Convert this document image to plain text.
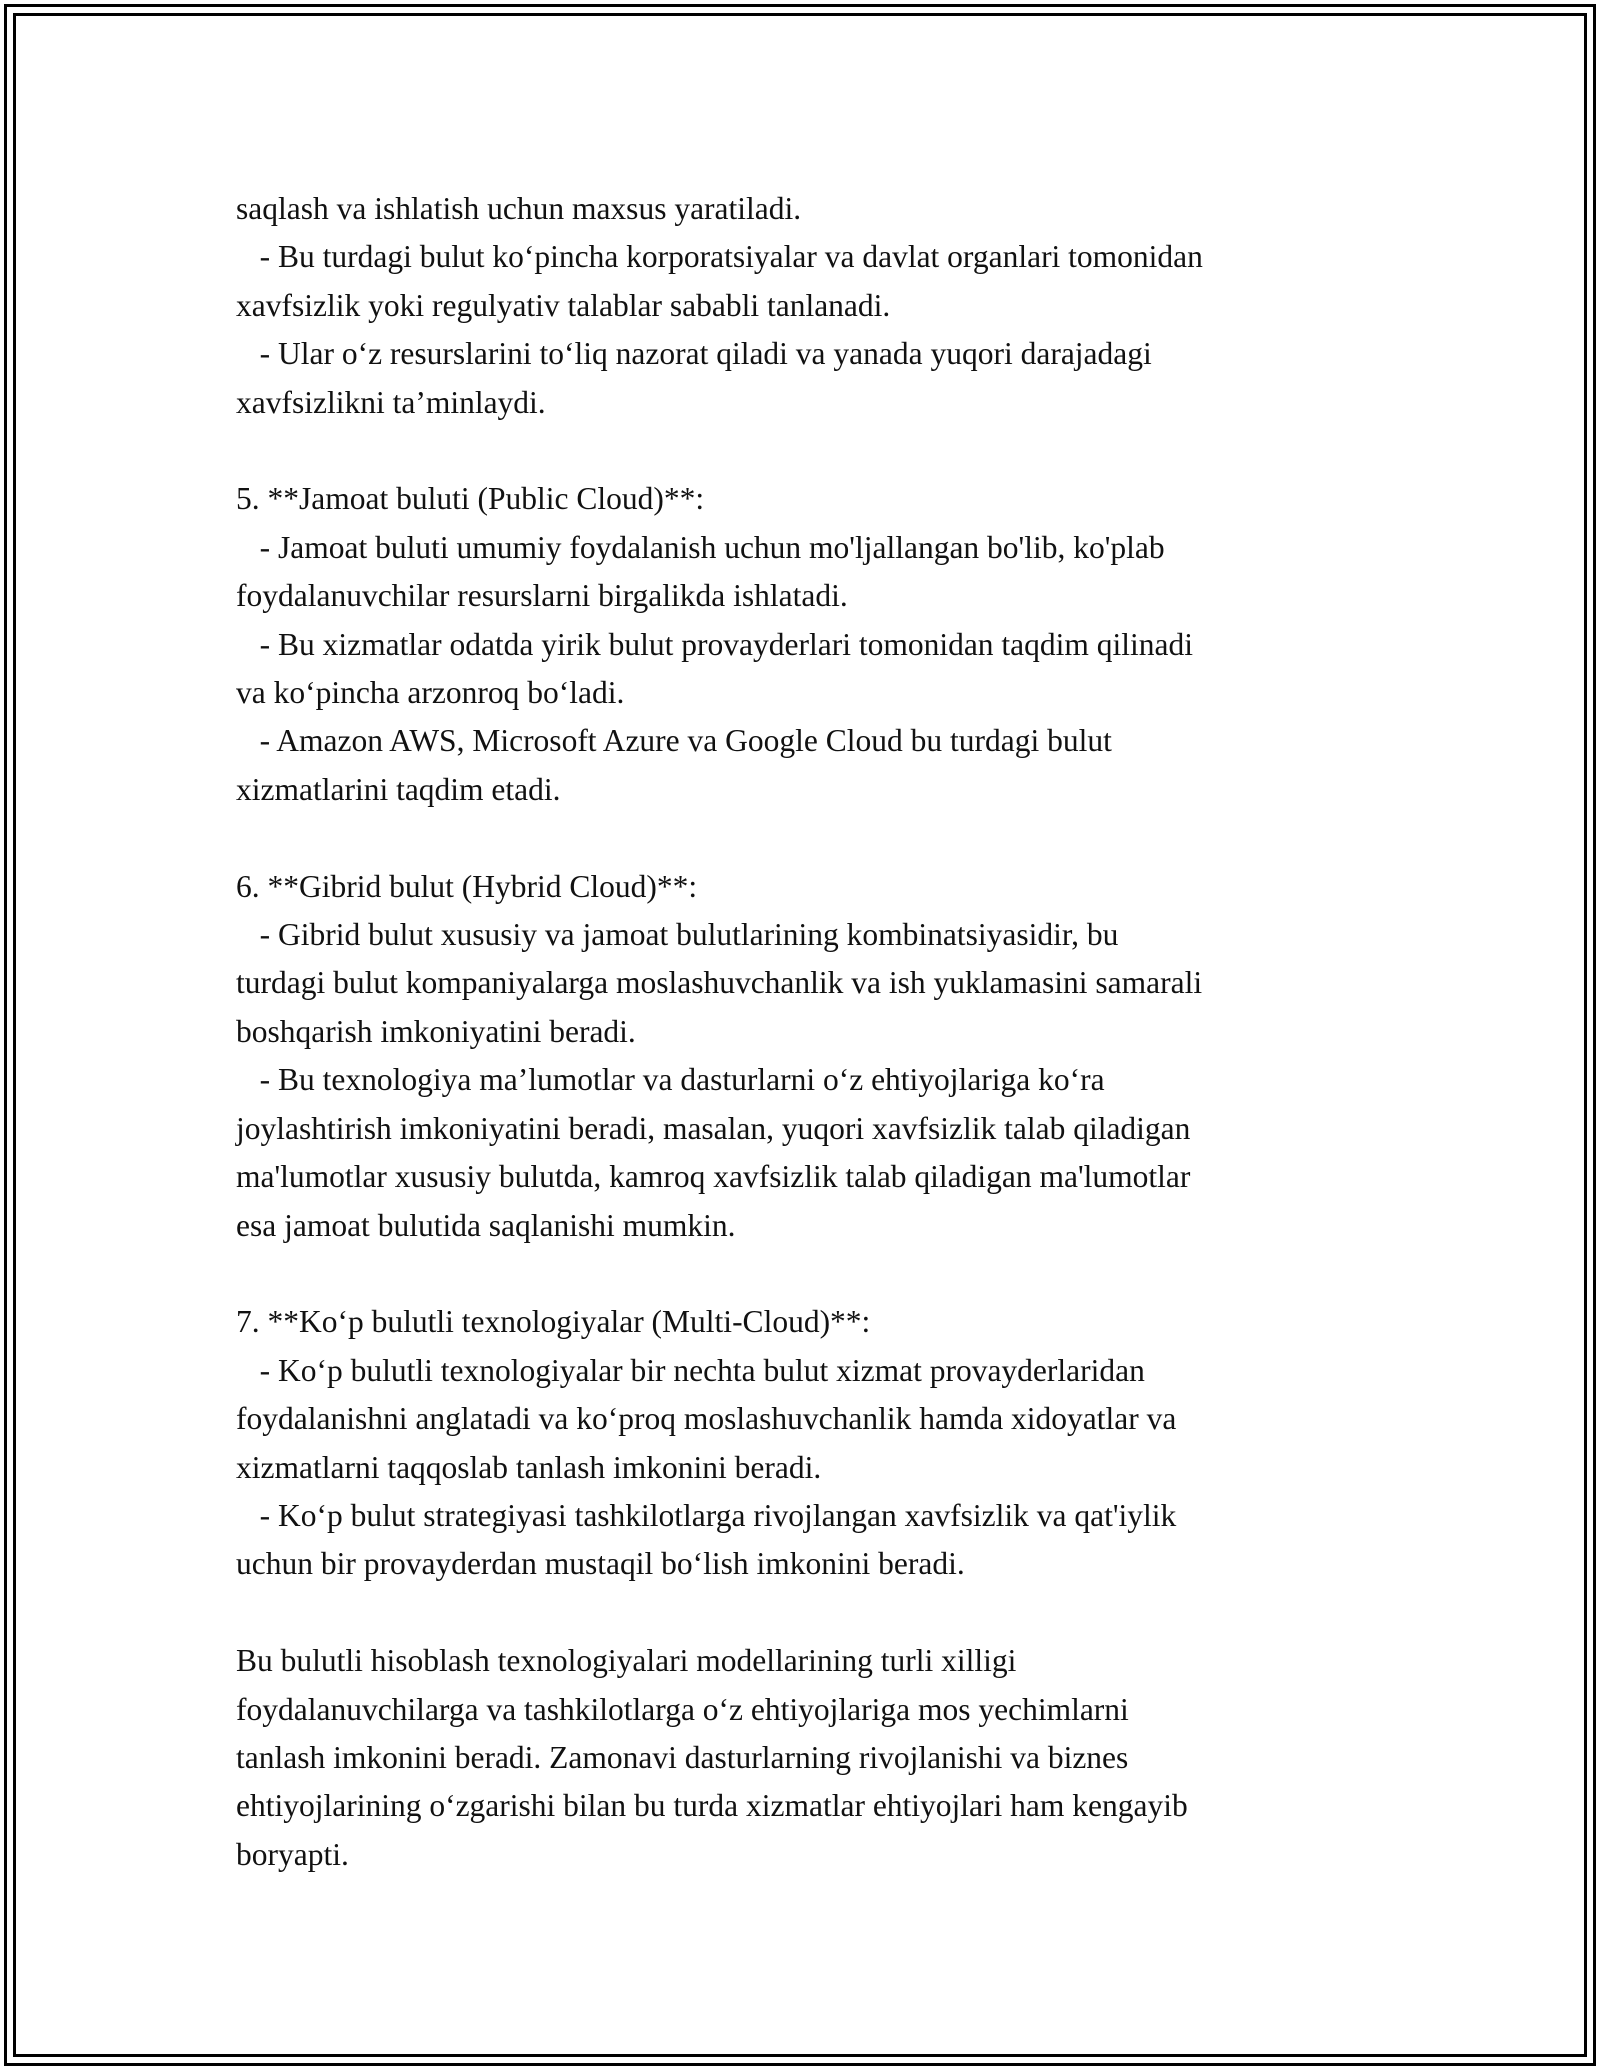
saqlash va ishlatish uchun maxsus yaratiladi.
- Bu turdagi bulut ko‘pincha korporatsiyalar va davlat organlari tomonidan
xavfsizlik yoki regulyativ talablar sababli tanlanadi.
- Ular o‘z resurslarini to‘liq nazorat qiladi va yanada yuqori darajadagi
xavfsizlikni ta’minlaydi.
5. **Jamoat buluti (Public Cloud)**:
- Jamoat buluti umumiy foydalanish uchun mo'ljallangan bo'lib, ko'plab
foydalanuvchilar resurslarni birgalikda ishlatadi.
- Bu xizmatlar odatda yirik bulut provayderlari tomonidan taqdim qilinadi
va ko‘pincha arzonroq bo‘ladi.
- Amazon AWS, Microsoft Azure va Google Cloud bu turdagi bulut
xizmatlarini taqdim etadi.
6. **Gibrid bulut (Hybrid Cloud)**:
- Gibrid bulut xususiy va jamoat bulutlarining kombinatsiyasidir, bu
turdagi bulut kompaniyalarga moslashuvchanlik va ish yuklamasini samarali
boshqarish imkoniyatini beradi.
- Bu texnologiya ma’lumotlar va dasturlarni o‘z ehtiyojlariga ko‘ra
joylashtirish imkoniyatini beradi, masalan, yuqori xavfsizlik talab qiladigan
ma'lumotlar xususiy bulutda, kamroq xavfsizlik talab qiladigan ma'lumotlar
esa jamoat bulutida saqlanishi mumkin.
7. **Ko‘p bulutli texnologiyalar (Multi-Cloud)**:
- Ko‘p bulutli texnologiyalar bir nechta bulut xizmat provayderlaridan
foydalanishni anglatadi va ko‘proq moslashuvchanlik hamda xidoyatlar va
xizmatlarni taqqoslab tanlash imkonini beradi.
- Ko‘p bulut strategiyasi tashkilotlarga rivojlangan xavfsizlik va qat'iylik
uchun bir provayderdan mustaqil bo‘lish imkonini beradi.
Bu bulutli hisoblash texnologiyalari modellarining turli xilligi
foydalanuvchilarga va tashkilotlarga o‘z ehtiyojlariga mos yechimlarni
tanlash imkonini beradi. Zamonavi dasturlarning rivojlanishi va biznes
ehtiyojlarining o‘zgarishi bilan bu turda xizmatlar ehtiyojlari ham kengayib
boryapti.
